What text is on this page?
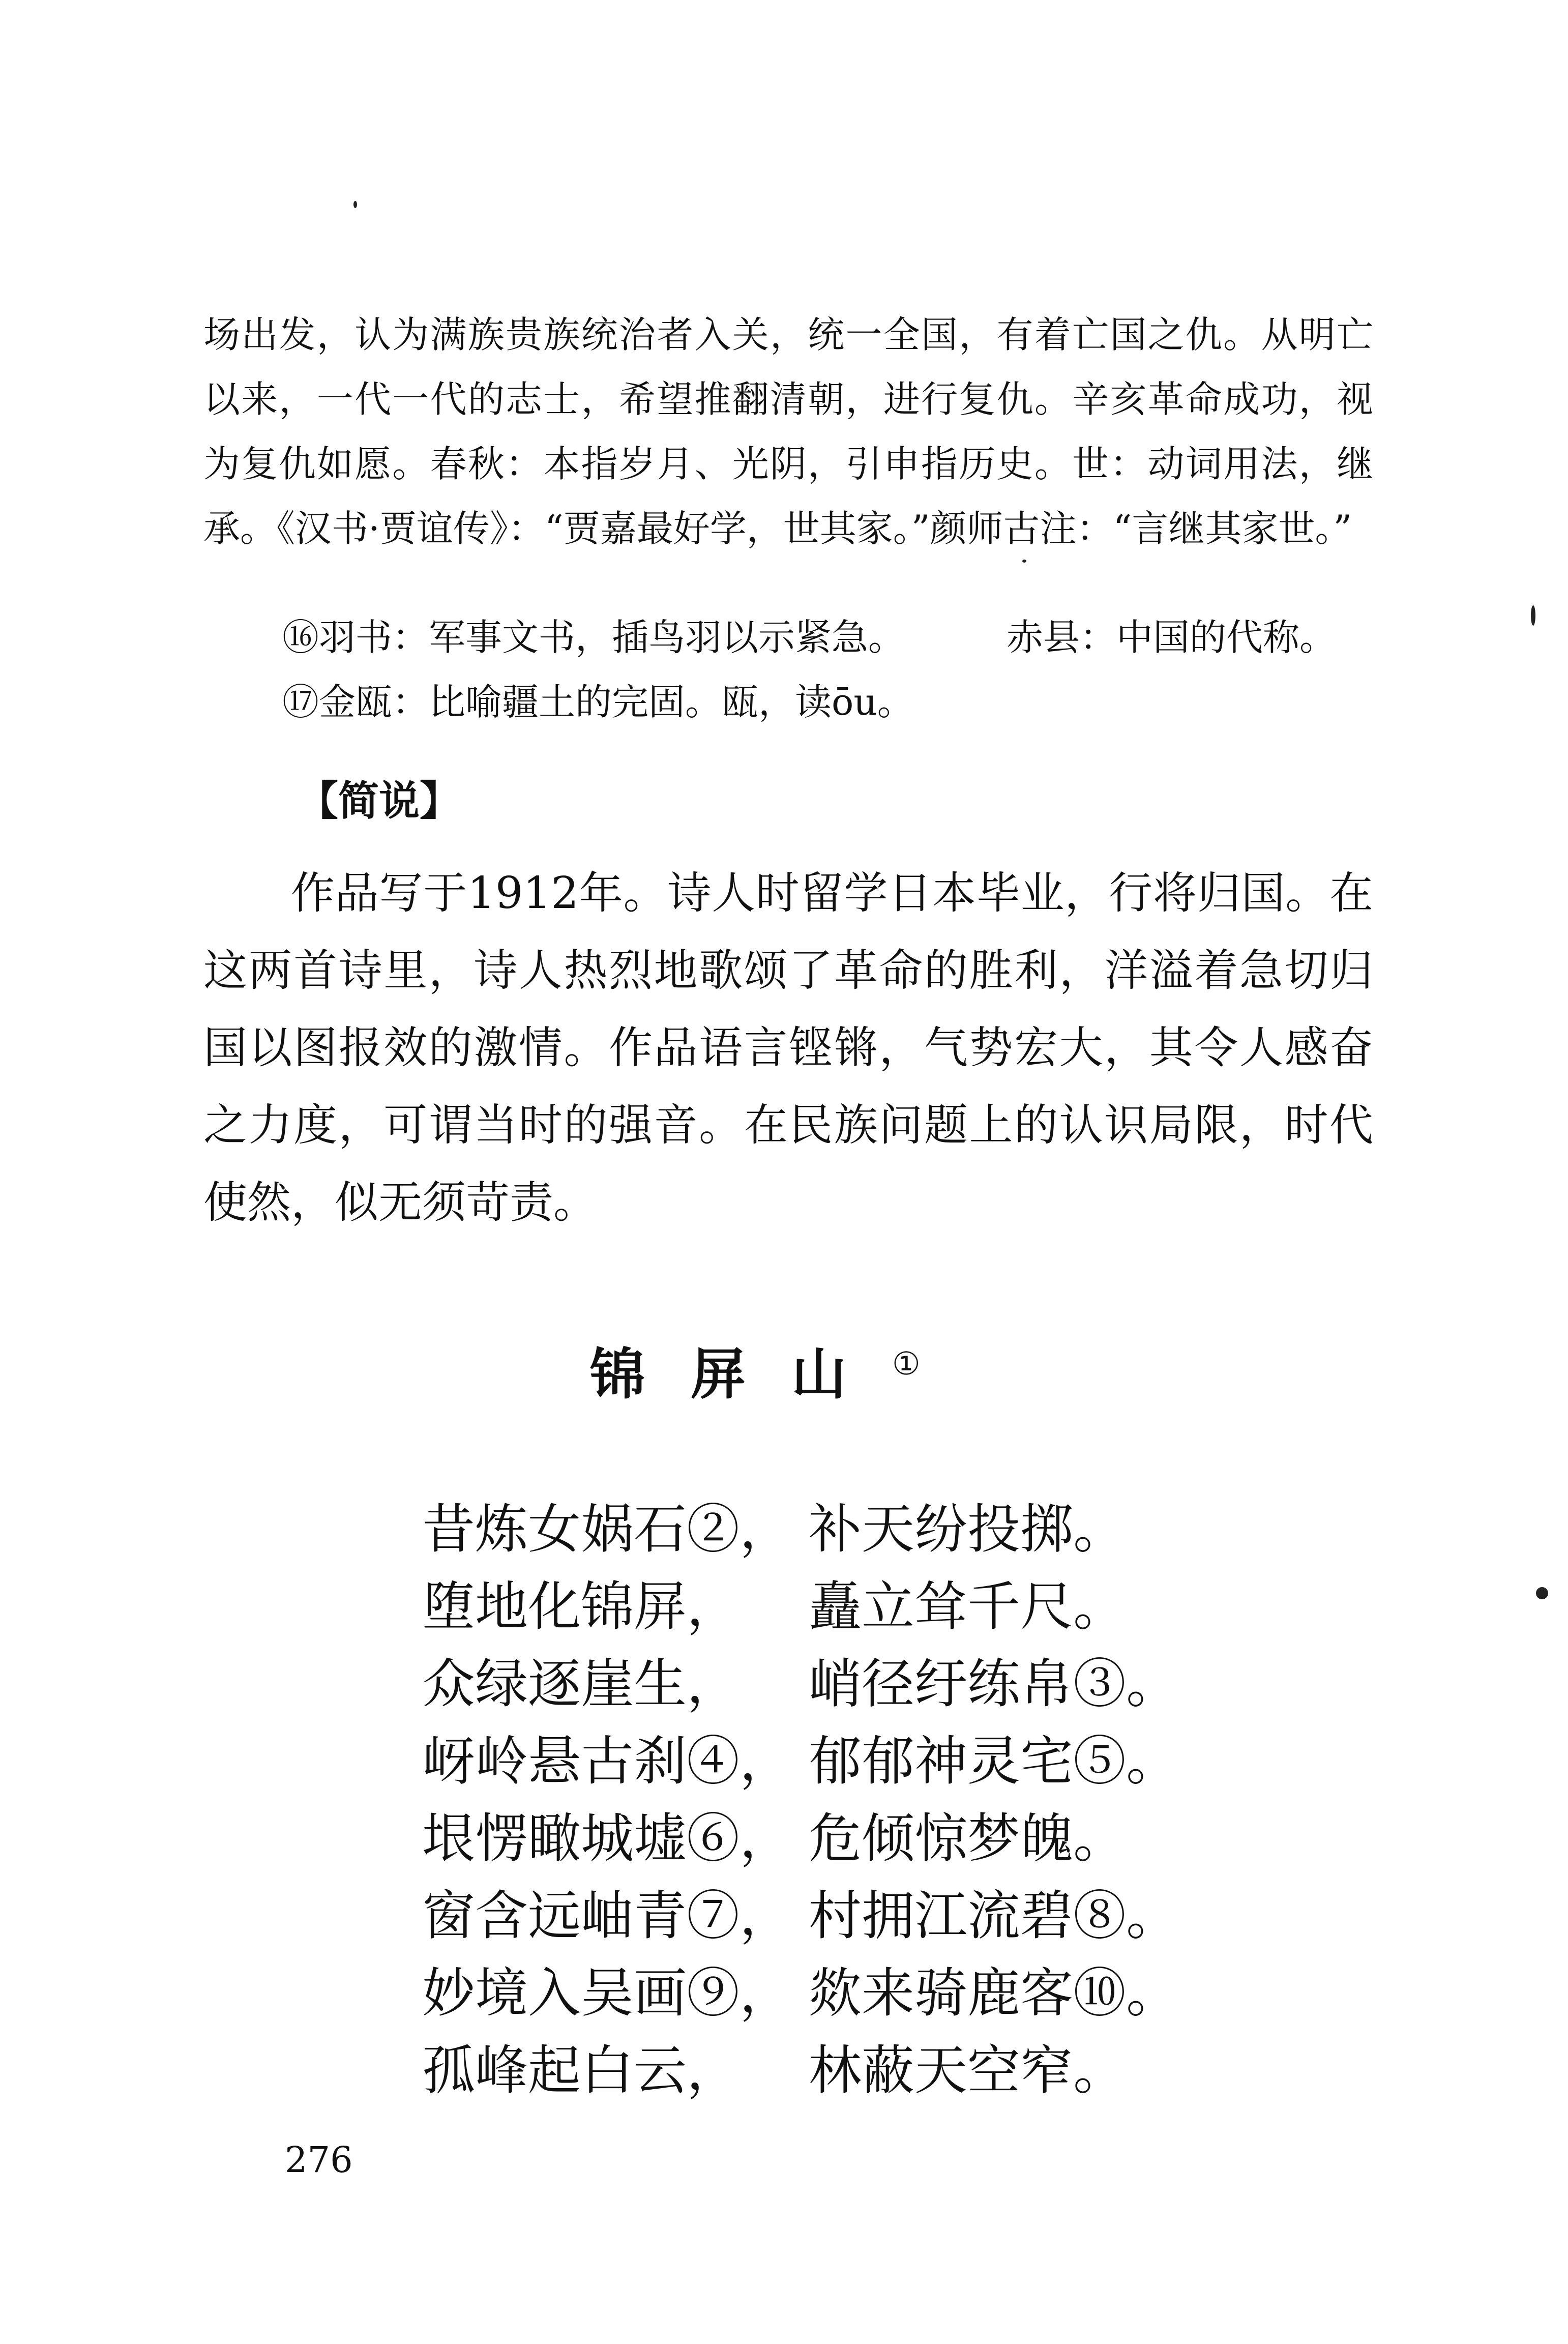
场出发，认为满族贵族统治者入关，统一全国，有着亡国之仇。从明亡以来，一代一代的志士，希望推翻清朝，进行复仇。辛亥革命成功，视为复仇如愿。春秋：本指岁月、光阴，引申指历史。世：动词用法，继承。《汉书·贾谊传》：“贾嘉最好学，世其家。”颜师古注：“言继其家世。”

⑯羽书：军事文书，插鸟羽以示紧急。	赤县：中国的代称。
⑰金瓯：比喻疆土的完固。瓯，读ōu。
【简说】

作品写于1912年。诗人时留学日本毕业，行将归国。在这两首诗里，诗人热烈地歌颂了革命的胜利，洋溢着急切归国以图报效的激情。作品语言铿锵，气势宏大，其令人感奋之力度，可谓当时的强音。在民族问题上的认识局限，时代使然，似无须苛责。

锦屏山①
昔炼女娲石②， 补天纷投掷。
堕地化锦屏，	矗立耸千尺。
众绿逐崖生，	峭径纡练帛③。
岈岭悬古刹④， 郁郁神灵宅⑤。
垠愣瞰城墟⑥， 危倾惊梦魄。
窗含远岫青⑦， 村拥江流碧⑧。
妙境入吴画⑨， 欻来骑鹿客⑩。
孤峰起白云，	林蔽天空窄。
276
